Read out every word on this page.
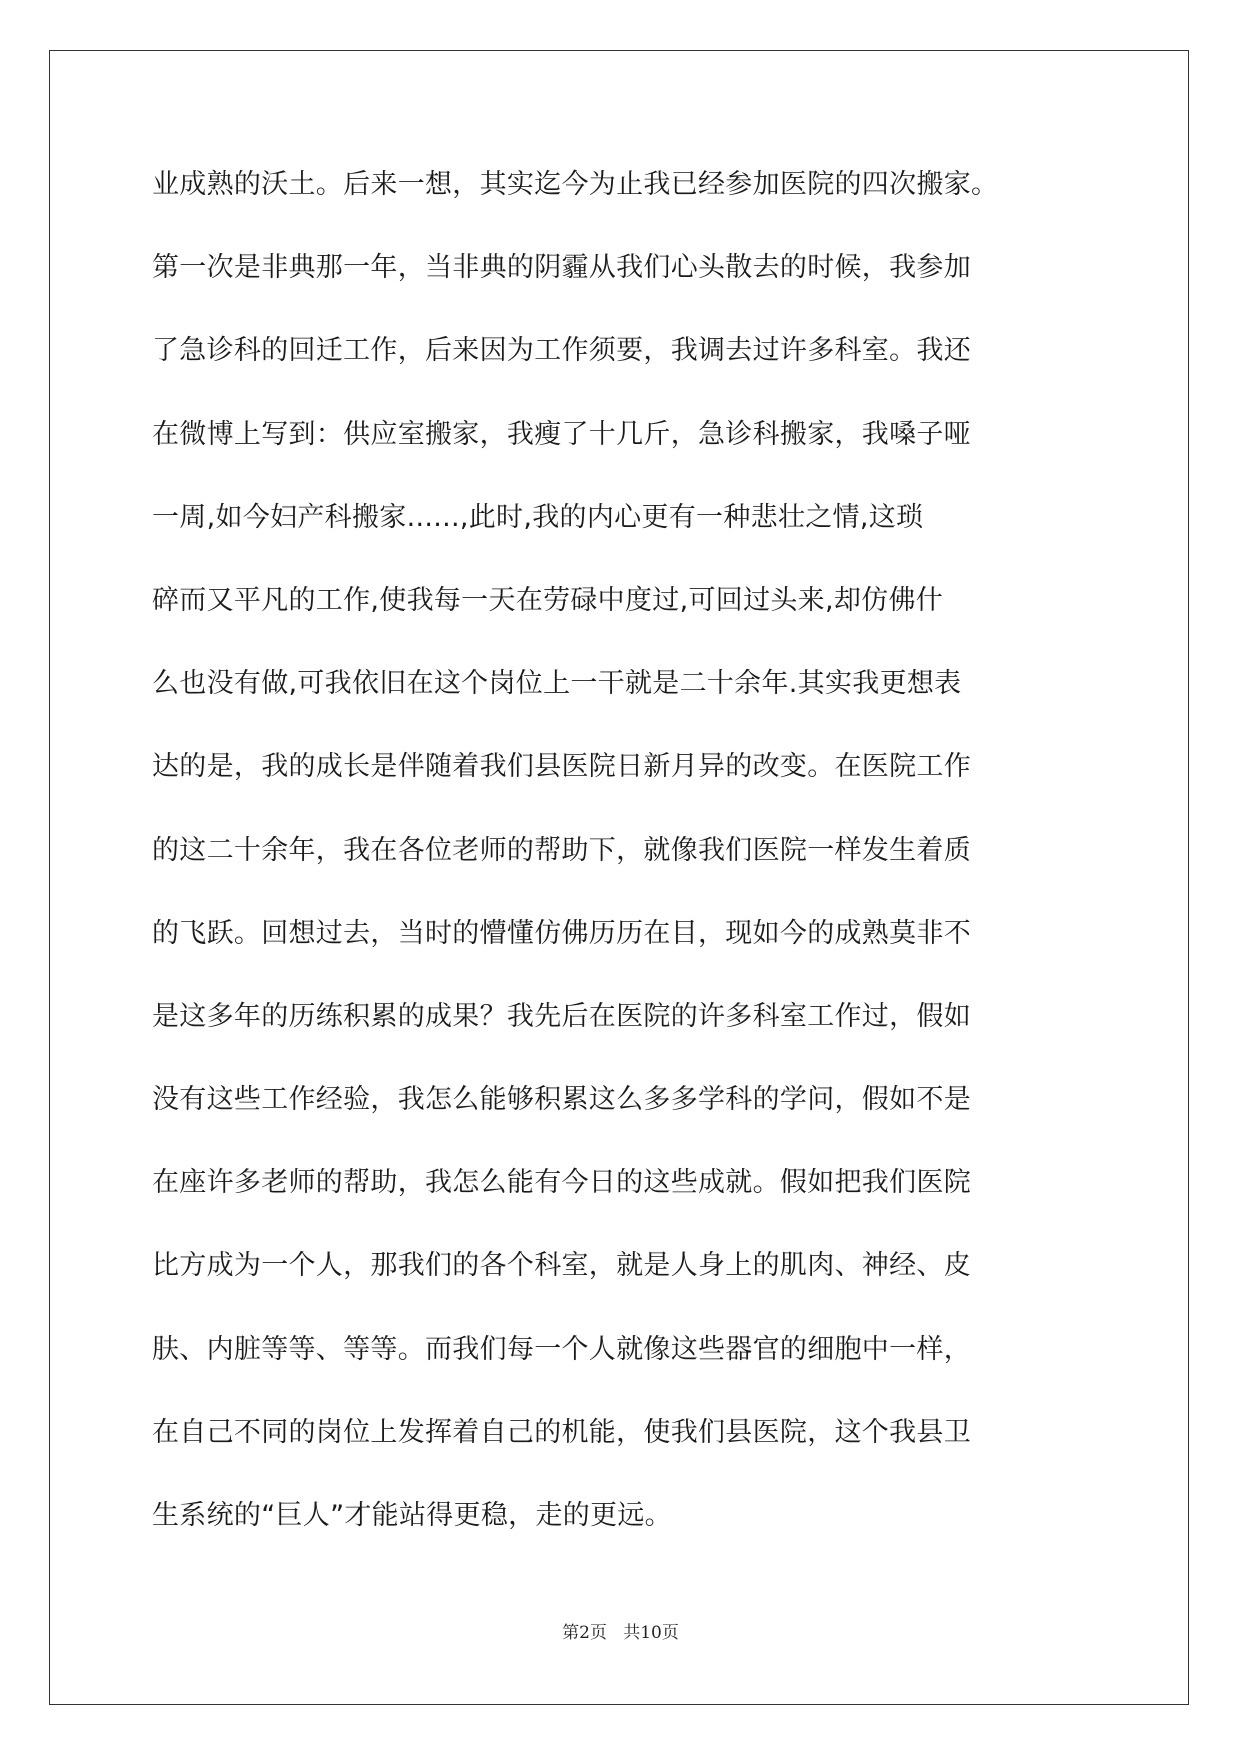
业成熟的沃土。后来一想，其实迄今为止我已经参加医院的四次搬家。
第一次是非典那一年，当非典的阴霾从我们心头散去的时候，我参加
了急诊科的回迁工作，后来因为工作须要，我调去过许多科室。我还
在微博上写到：供应室搬家，我瘦了十几斤，急诊科搬家，我嗓子哑
一周,如今妇产科搬家......,此时,我的内心更有一种悲壮之情,这琐
碎而又平凡的工作,使我每一天在劳碌中度过,可回过头来,却仿佛什
么也没有做,可我依旧在这个岗位上一干就是二十余年.其实我更想表
达的是，我的成长是伴随着我们县医院日新月异的改变。在医院工作
的这二十余年，我在各位老师的帮助下，就像我们医院一样发生着质
的飞跃。回想过去，当时的懵懂仿佛历历在目，现如今的成熟莫非不
是这多年的历练积累的成果？我先后在医院的许多科室工作过，假如
没有这些工作经验，我怎么能够积累这么多多学科的学问，假如不是
在座许多老师的帮助，我怎么能有今日的这些成就。假如把我们医院
比方成为一个人，那我们的各个科室，就是人身上的肌肉、神经、皮
肤、内脏等等、等等。而我们每一个人就像这些器官的细胞中一样，
在自己不同的岗位上发挥着自己的机能，使我们县医院，这个我县卫
生系统的“巨人”才能站得更稳，走的更远。
第2页 共10页
